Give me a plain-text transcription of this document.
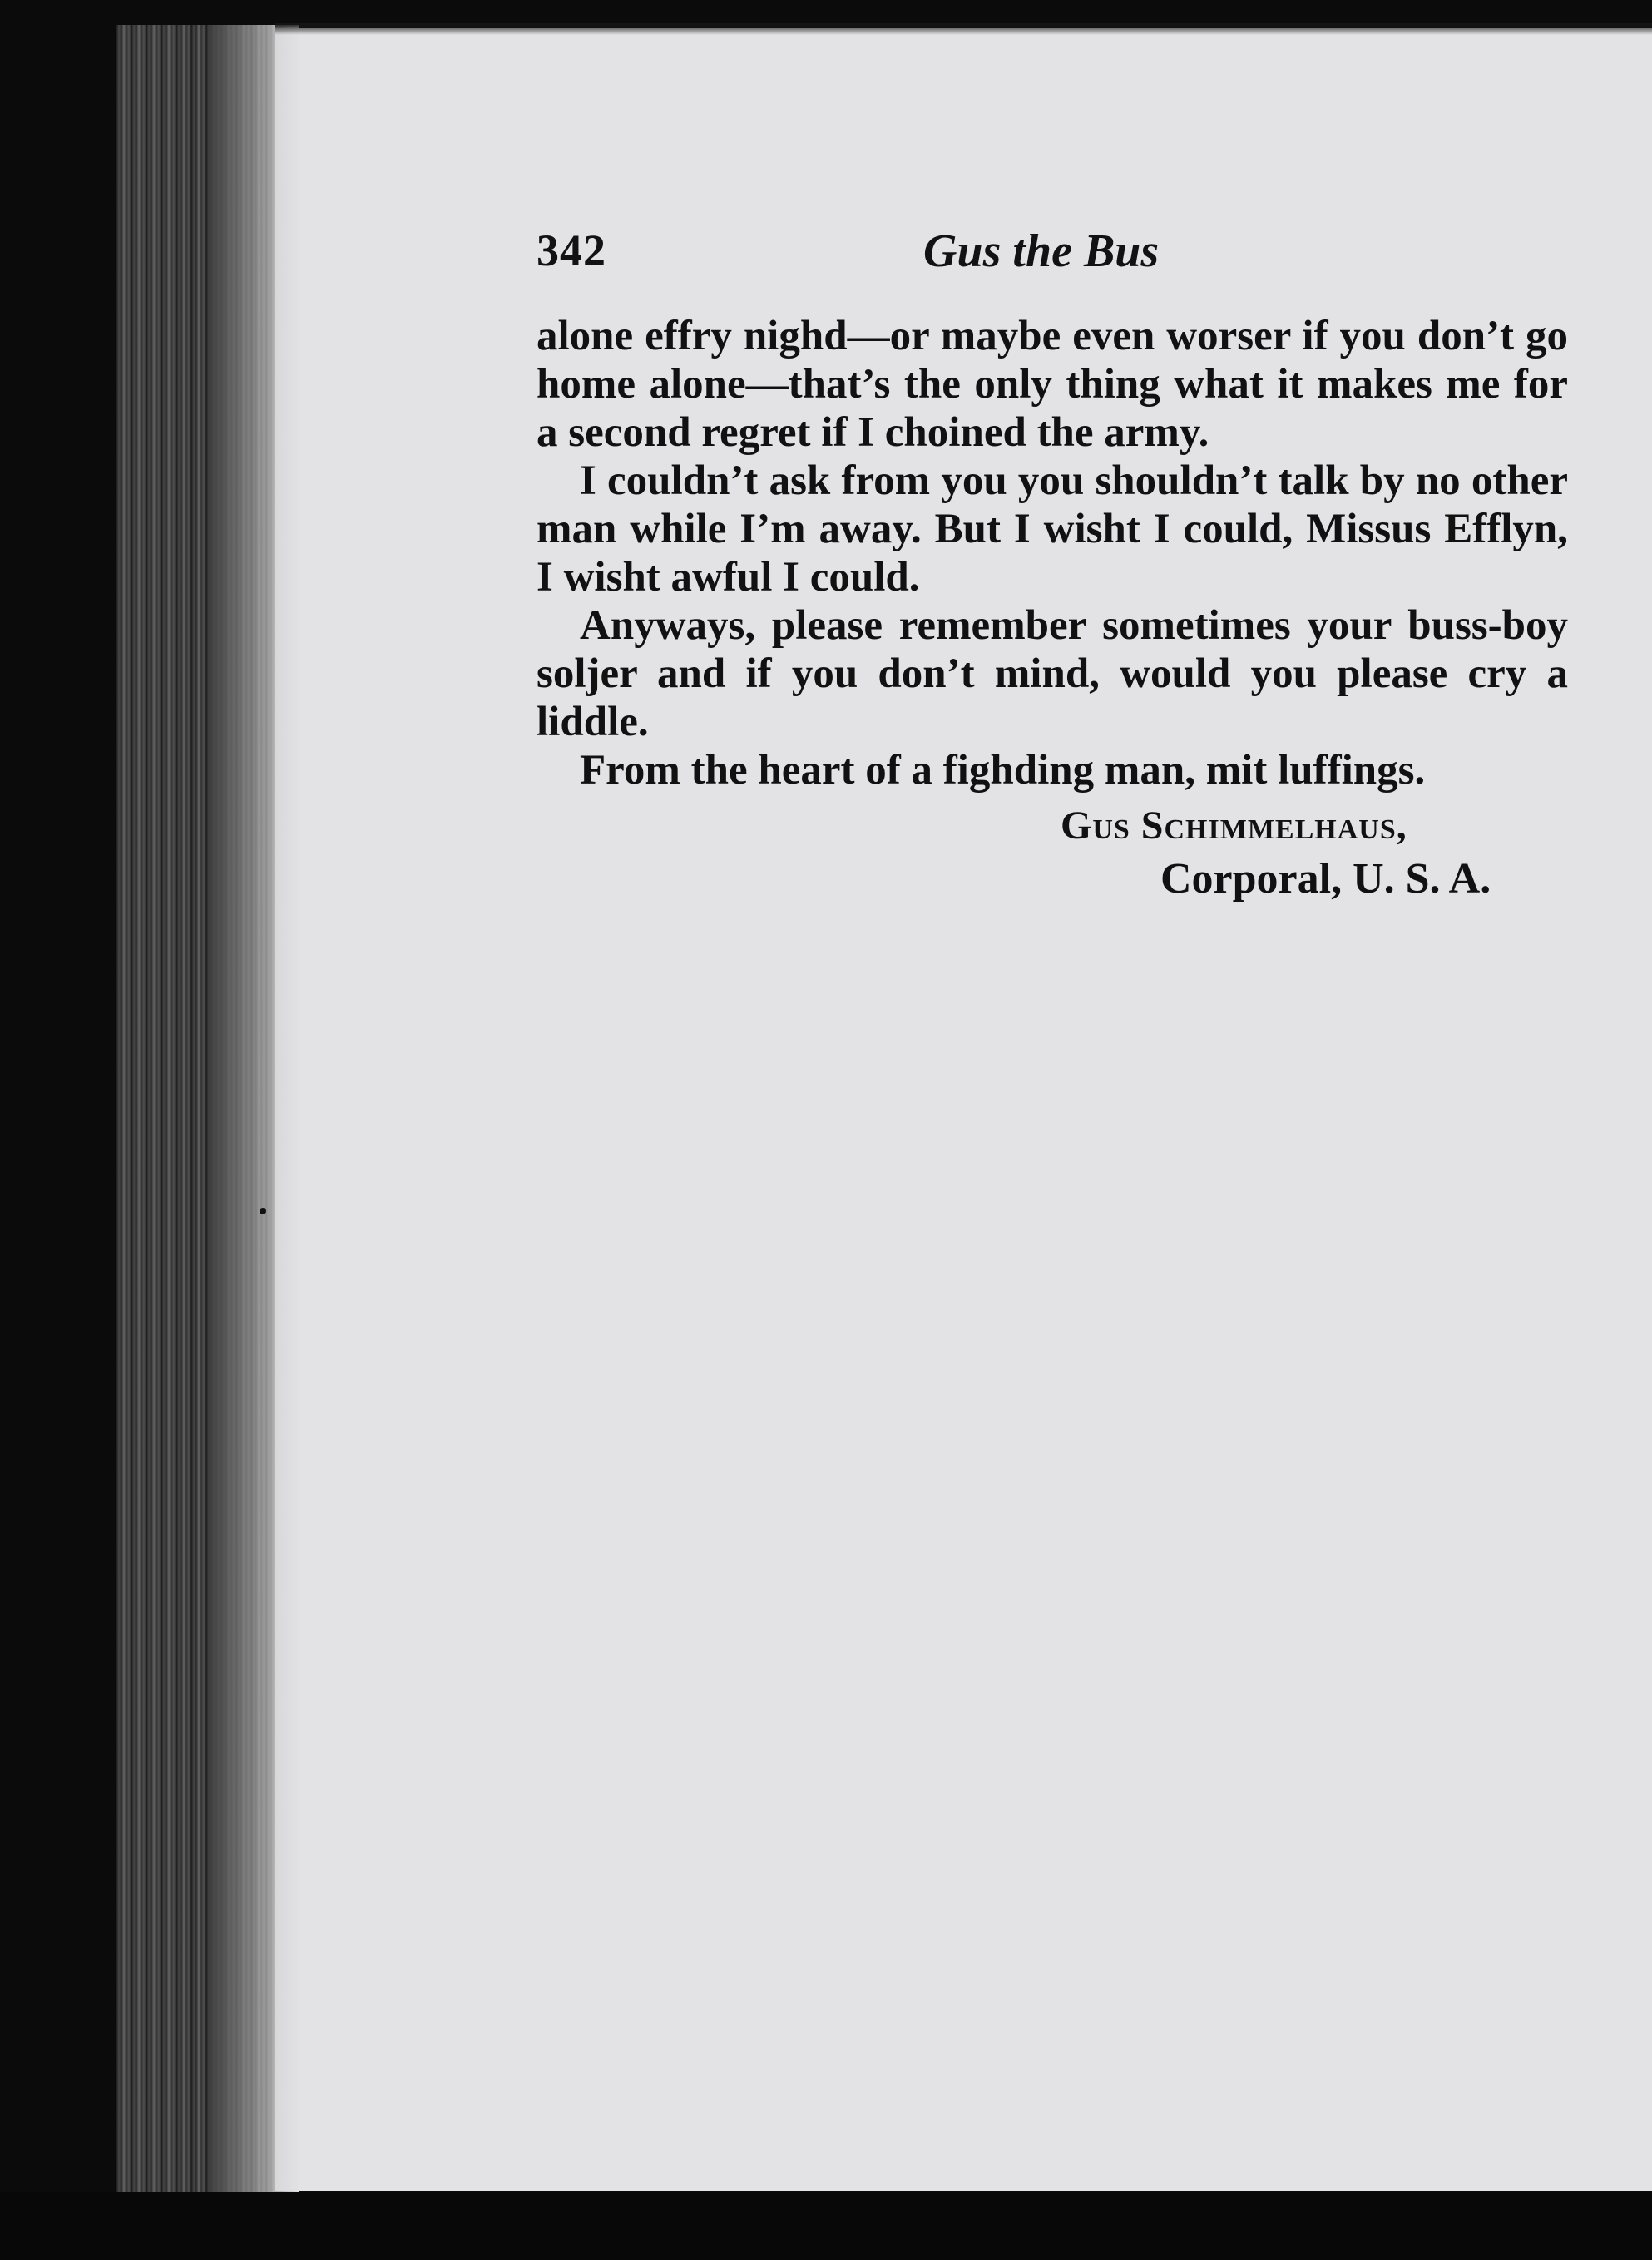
342	Gus the Bus

alone effry nighd—or maybe even worser if you don’t go home alone—that’s the only thing what it makes me for a second regret if I choined the army.

I couldn’t ask from you you shouldn’t talk by no other man while I’m away. But I wisht I could, Missus Efflyn, I wisht awful I could.

Anyways, please remember sometimes your buss-boy soljer and if you don’t mind, would you please cry a liddle.

From the heart of a fighding man, mit luffings.

Gus Schimmelhaus,
Corporal, U. S. A.
